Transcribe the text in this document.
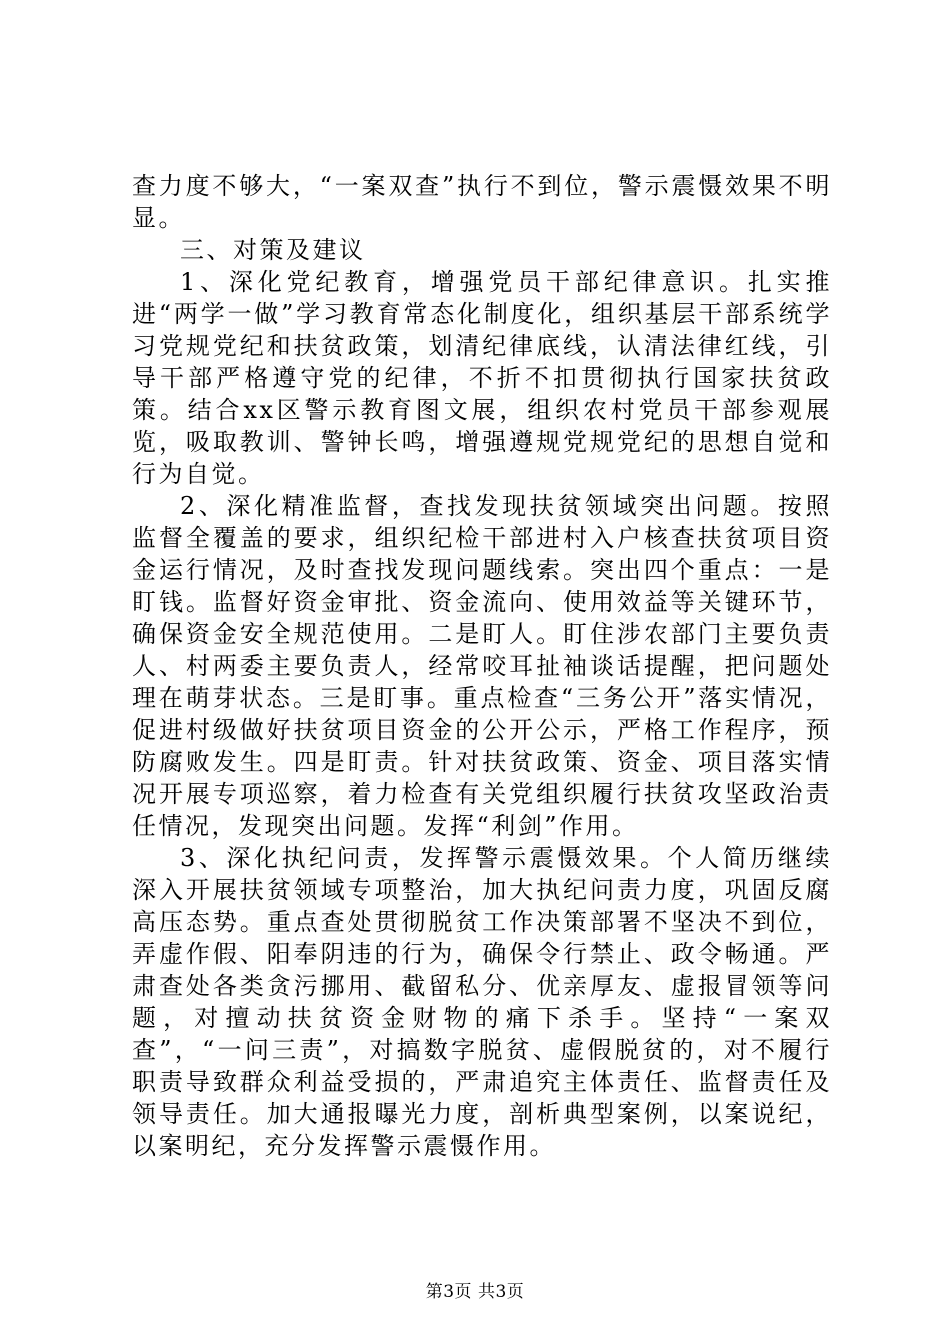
查力度不够大，“一案双查”执行不到位，警示震慑效果不明显。

三、对策及建议

1、深化党纪教育，增强党员干部纪律意识。扎实推进“两学一做”学习教育常态化制度化，组织基层干部系统学习党规党纪和扶贫政策，划清纪律底线，认清法律红线，引导干部严格遵守党的纪律，不折不扣贯彻执行国家扶贫政策。结合xx区警示教育图文展，组织农村党员干部参观展览，吸取教训、警钟长鸣，增强遵规党规党纪的思想自觉和行为自觉。

2、深化精准监督，查找发现扶贫领域突出问题。按照监督全覆盖的要求，组织纪检干部进村入户核查扶贫项目资金运行情况，及时查找发现问题线索。突出四个重点：一是盯钱。监督好资金审批、资金流向、使用效益等关键环节，确保资金安全规范使用。二是盯人。盯住涉农部门主要负责人、村两委主要负责人，经常咬耳扯袖谈话提醒，把问题处理在萌芽状态。三是盯事。重点检查“三务公开”落实情况，促进村级做好扶贫项目资金的公开公示，严格工作程序，预防腐败发生。四是盯责。针对扶贫政策、资金、项目落实情况开展专项巡察，着力检查有关党组织履行扶贫攻坚政治责任情况，发现突出问题。发挥“利剑”作用。

3、深化执纪问责，发挥警示震慑效果。个人简历继续深入开展扶贫领域专项整治，加大执纪问责力度，巩固反腐高压态势。重点查处贯彻脱贫工作决策部署不坚决不到位，弄虚作假、阳奉阴违的行为，确保令行禁止、政令畅通。严肃查处各类贪污挪用、截留私分、优亲厚友、虚报冒领等问题，对擅动扶贫资金财物的痛下杀手。坚持“一案双查”，“一问三责”，对搞数字脱贫、虚假脱贫的，对不履行职责导致群众利益受损的，严肃追究主体责任、监督责任及领导责任。加大通报曝光力度，剖析典型案例，以案说纪，以案明纪，充分发挥警示震慑作用。

第3页 共3页
